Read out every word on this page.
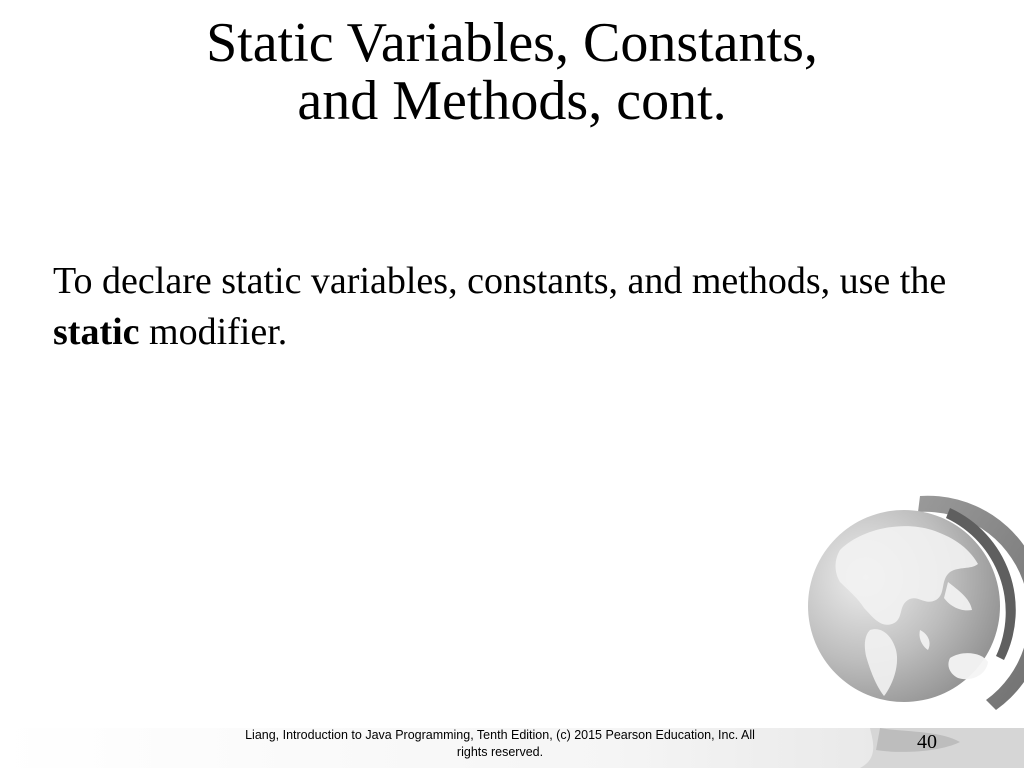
Static Variables, Constants,
and Methods, cont.

To declare static variables, constants, and methods, use the static modifier.

Liang, Introduction to Java Programming, Tenth Edition, (c) 2015 Pearson Education, Inc. All
rights reserved.	40
